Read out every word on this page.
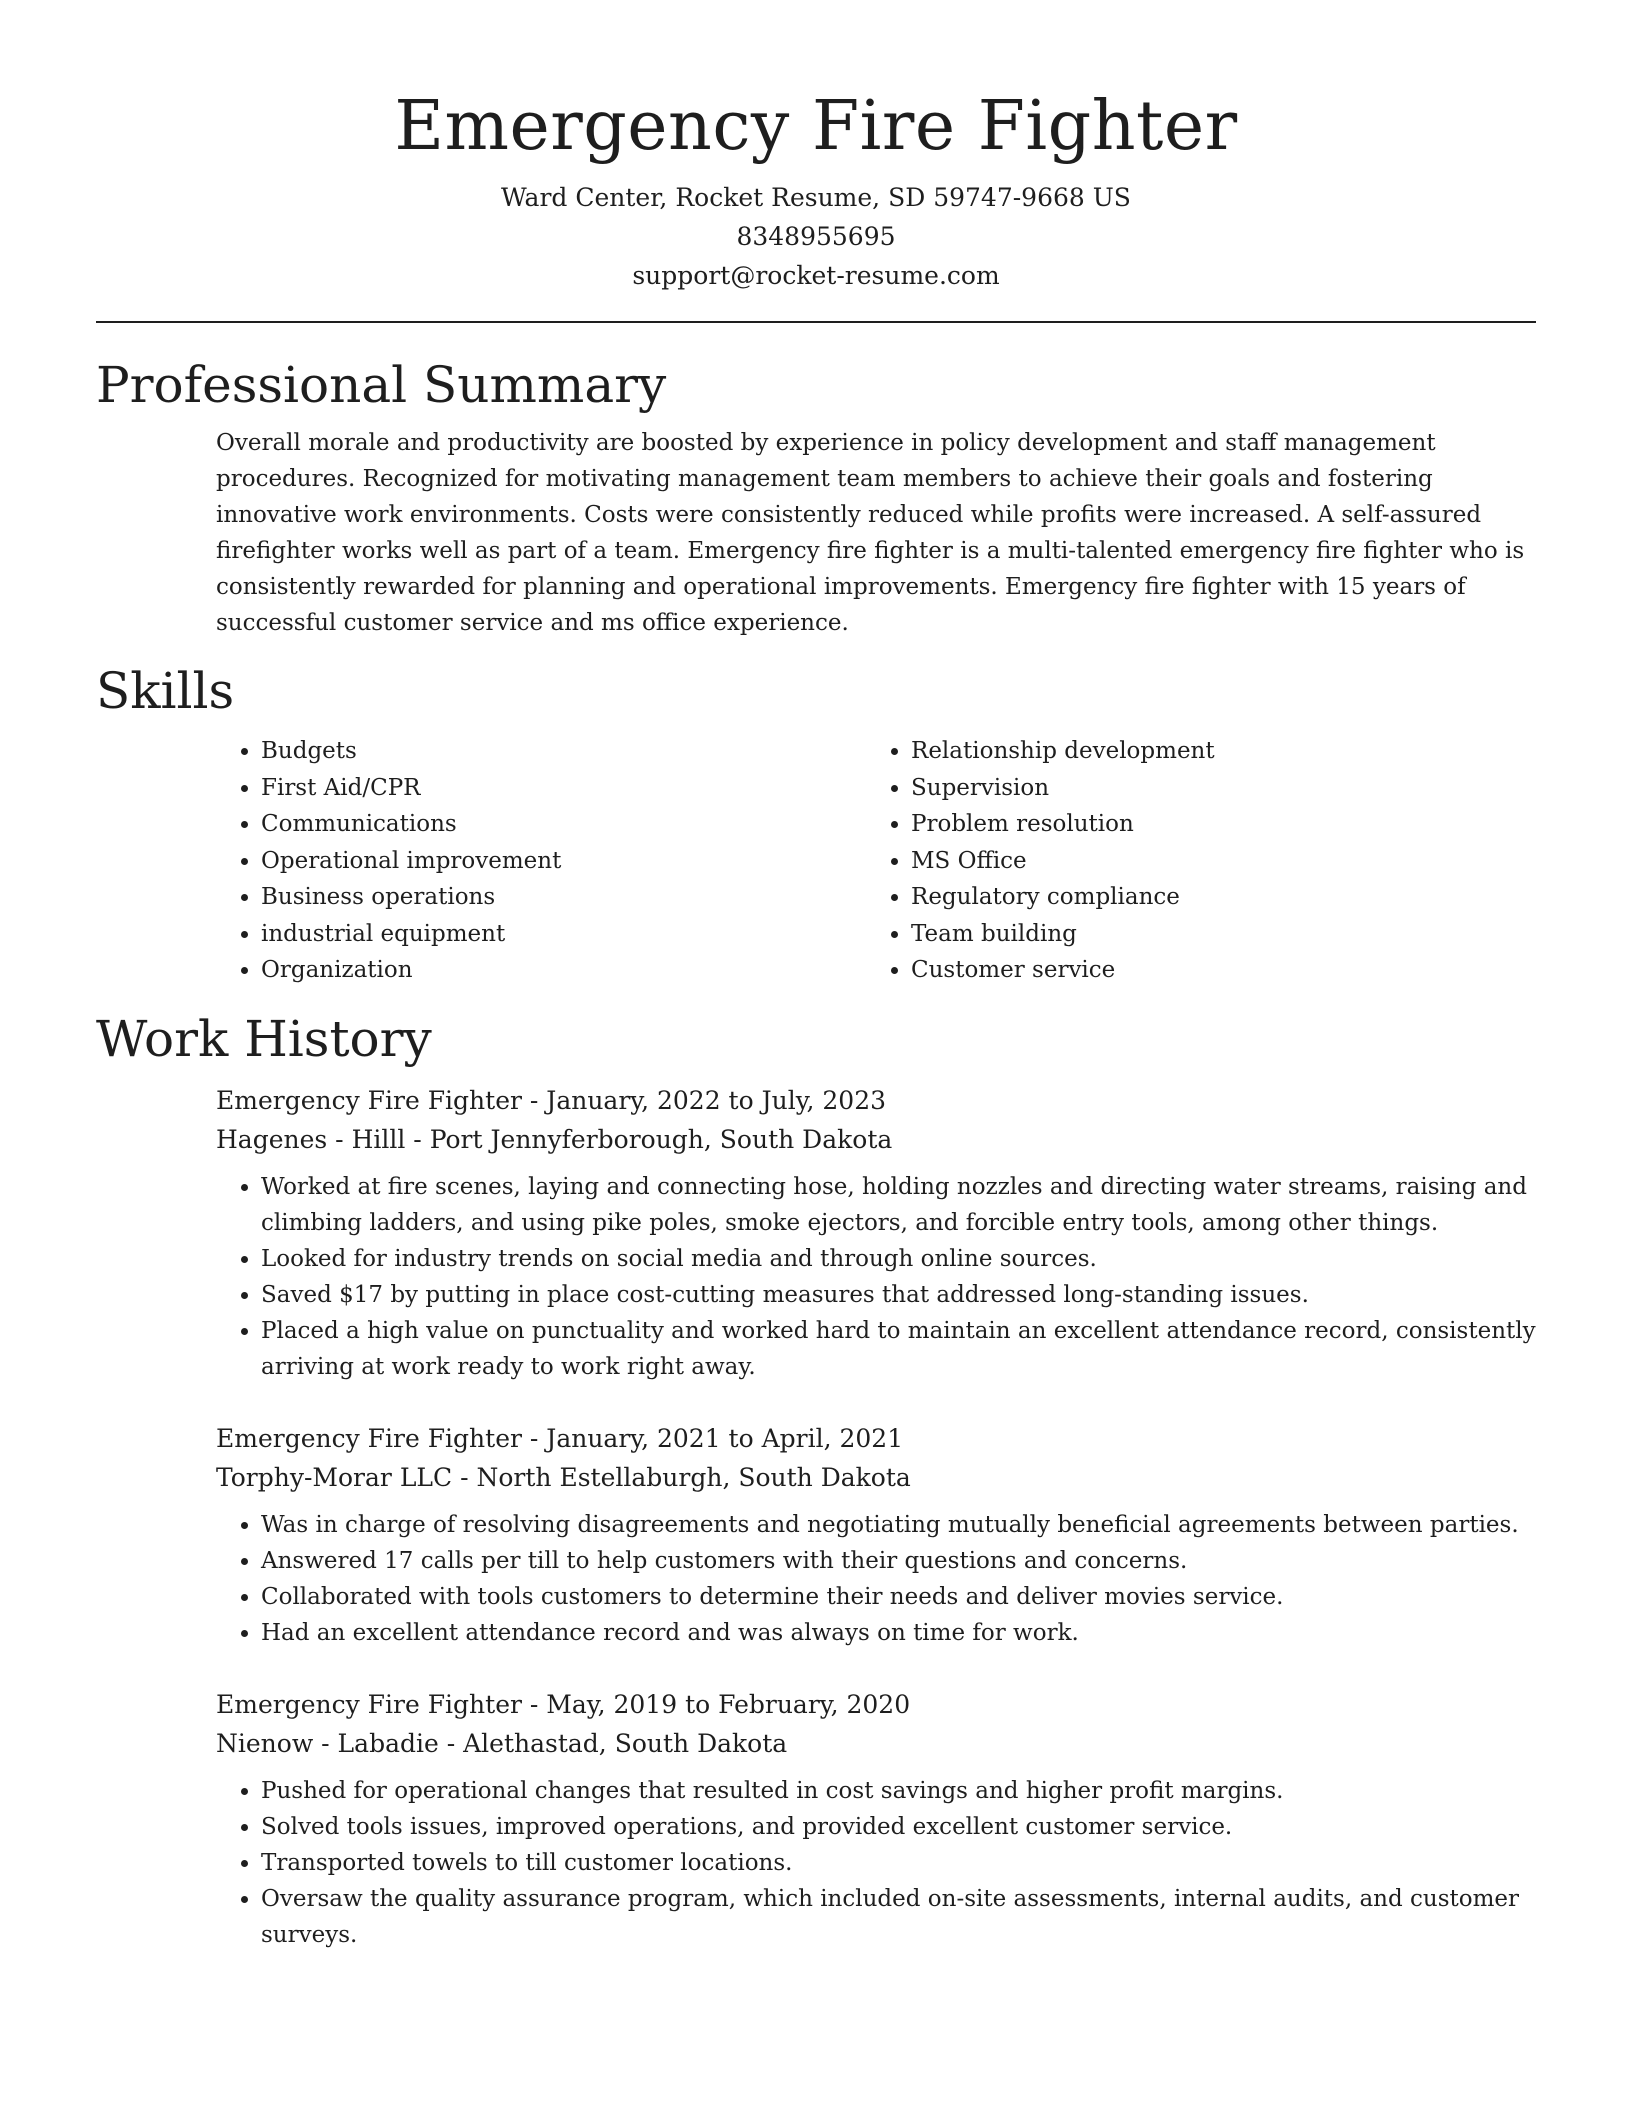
Emergency Fire Fighter
Ward Center, Rocket Resume, SD 59747-9668 US
8348955695
support@rocket-resume.com
Professional Summary

Overall morale and productivity are boosted by experience in policy development and staff management procedures. Recognized for motivating management team members to achieve their goals and fostering innovative work environments. Costs were consistently reduced while profits were increased. A self-assured firefighter works well as part of a team. Emergency fire fighter is a multi-talented emergency fire fighter who is consistently rewarded for planning and operational improvements. Emergency fire fighter with 15 years of successful customer service and ms office experience.

Skills
• Budgets
• First Aid/CPR
• Communications
• Operational improvement
• Business operations
• industrial equipment
• Organization
• Relationship development
• Supervision
• Problem resolution
• MS Office
• Regulatory compliance
• Team building
• Customer service
Work History

Emergency Fire Fighter - January, 2022 to July, 2023

Hagenes - Hilll - Port Jennyferborough, South Dakota

• Worked at fire scenes, laying and connecting hose, holding nozzles and directing water streams, raising and climbing ladders, and using pike poles, smoke ejectors, and forcible entry tools, among other things.
• Looked for industry trends on social media and through online sources.
• Saved $17 by putting in place cost-cutting measures that addressed long-standing issues.
• Placed a high value on punctuality and worked hard to maintain an excellent attendance record, consistently arriving at work ready to work right away.

Emergency Fire Fighter - January, 2021 to April, 2021

Torphy-Morar LLC - North Estellaburgh, South Dakota

• Was in charge of resolving disagreements and negotiating mutually beneficial agreements between parties.
• Answered 17 calls per till to help customers with their questions and concerns.
• Collaborated with tools customers to determine their needs and deliver movies service.
• Had an excellent attendance record and was always on time for work.

Emergency Fire Fighter - May, 2019 to February, 2020

Nienow - Labadie - Alethastad, South Dakota

• Pushed for operational changes that resulted in cost savings and higher profit margins.
• Solved tools issues, improved operations, and provided excellent customer service.
• Transported towels to till customer locations.
• Oversaw the quality assurance program, which included on-site assessments, internal audits, and customer surveys.
